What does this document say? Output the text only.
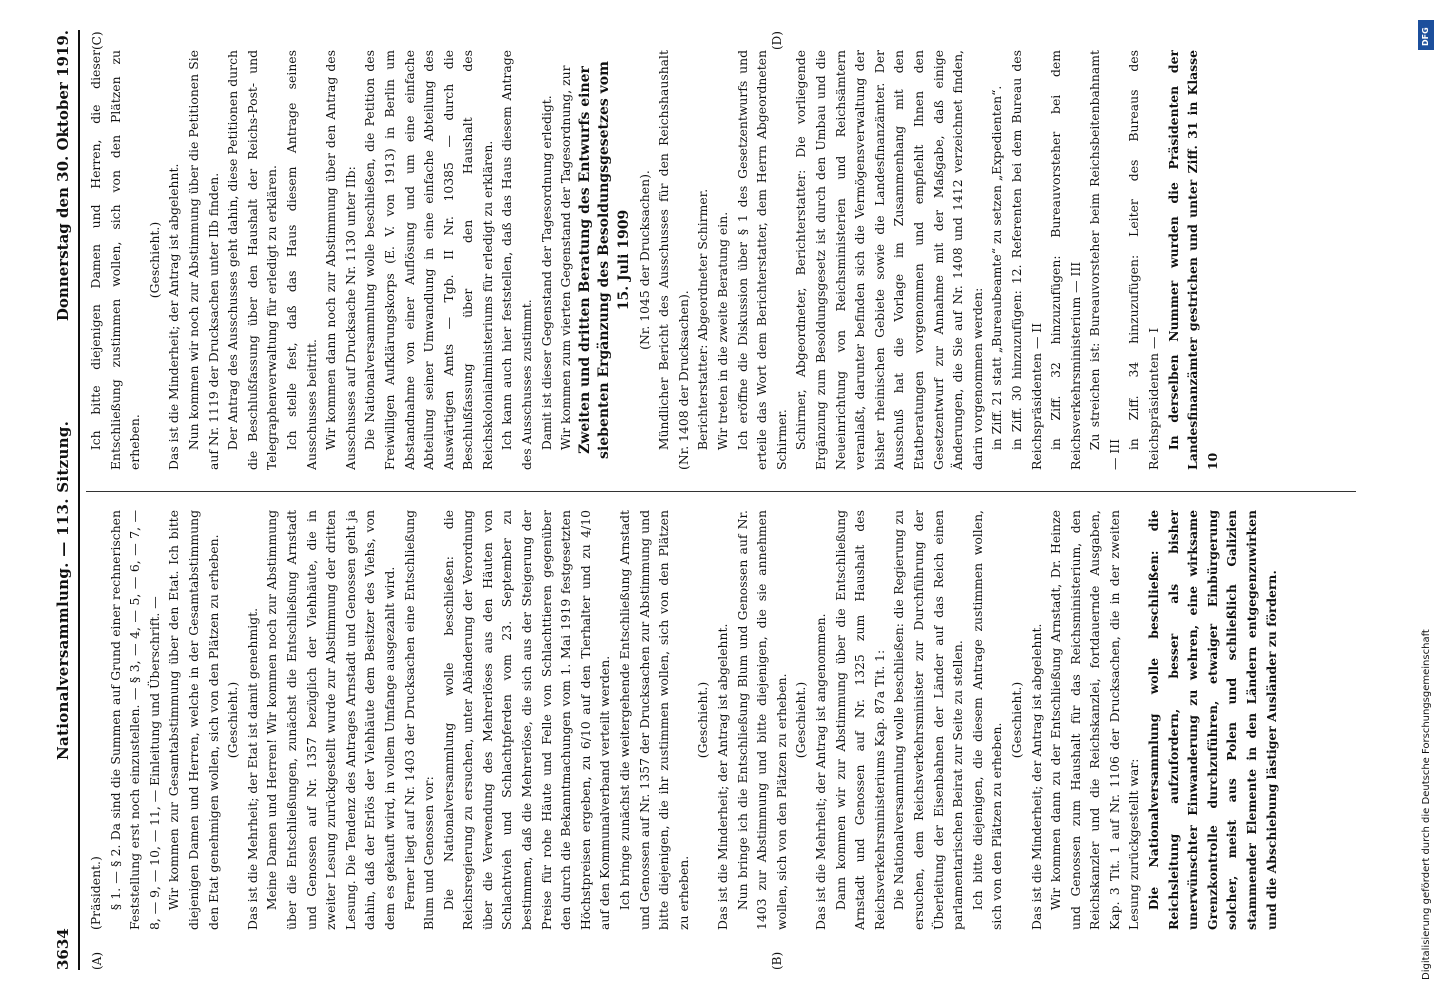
3634
Nationalversammlung. — 113. Sitzung.
Donnerstag den 30. Oktober 1919.
(A)	(B)
(C)	(D)

(Präsident.) § 1. — § 2. Da sind die Summen auf Grund einer rechnerischen Feststellung erst noch einzustellen. — § 3, — 4, — 5, — 6, — 7, — 8, — 9, — 10, — 11, — Einleitung und Überschrift. — Wir kommen zur Gesamtabstimmung über den Etat. Ich bitte diejenigen Damen und Herren, welche in der Gesamtabstimmung den Etat genehmigen wollen, sich von den Plätzen zu erheben. (Geschieht.) Das ist die Mehrheit; der Etat ist damit genehmigt. Meine Damen und Herren! Wir kommen noch zur Abstimmung über die Entschließungen, zunächst die Entschließung Arnstadt und Genossen auf Nr. 1357 bezüglich der Viehhäute, die in zweiter Lesung zurückgestellt wurde zur Abstimmung der dritten Lesung. Die Tendenz des Antrages Arnstadt und Genossen geht ja dahin, daß der Erlös der Viehhäute dem Besitzer des Viehs, von dem es gekauft wird, in vollem Umfange ausgezahlt wird. Ferner liegt auf Nr. 1403 der Drucksachen eine Entschließung Blum und Genossen vor: Die Nationalversammlung wolle beschließen: die Reichsregierung zu ersuchen, unter Abänderung der Verordnung über die Verwendung des Mehrerlöses aus den Häuten von Schlachtvieh und Schlachtpferden vom 23. September zu bestimmen, daß die Mehrerlöse, die sich aus der Steigerung der Preise für rohe Häute und Felle von Schlachttieren gegenüber den durch die Bekanntmachungen vom 1. Mai 1919 festgesetzten Höchstpreisen ergeben, zu 6/10 auf den Tierhalter und zu 4/10 auf den Kommunalverband verteilt werden. Ich bringe zunächst die weitergehende Entschließung Arnstadt und Genossen auf Nr. 1357 der Drucksachen zur Abstimmung und bitte diejenigen, die ihr zustimmen wollen, sich von den Plätzen zu erheben.

(Geschieht.) Das ist die Minderheit; der Antrag ist abgelehnt. Nun bringe ich die Entschließung Blum und Genossen auf Nr. 1403 zur Abstimmung und bitte diejenigen, die sie annehmen wollen, sich von den Plätzen zu erheben. (Geschieht.) Das ist die Mehrheit; der Antrag ist angenommen. Dann kommen wir zur Abstimmung über die Entschließung Arnstadt und Genossen auf Nr. 1325 zum Haushalt des Reichsverkehrsministeriums Kap. 87a Tit. 1: Die Nationalversammlung wolle beschließen: die Regierung zu ersuchen, dem Reichsverkehrsminister zur Durchführung der Überleitung der Eisenbahnen der Länder auf das Reich einen parlamentarischen Beirat zur Seite zu stellen. Ich bitte diejenigen, die diesem Antrage zustimmen wollen, sich von den Plätzen zu erheben.

(Geschieht.) Das ist die Minderheit; der Antrag ist abgelehnt. Wir kommen dann zu der Entschließung Arnstadt, Dr. Heinze und Genossen zum Haushalt für das Reichsministerium, den Reichskanzler und die Reichskanzlei, fortdauernde Ausgaben, Kap. 3 Tit. 1 auf Nr. 1106 der Drucksachen, die in der zweiten Lesung zurückgestellt war: Die Nationalversammlung wolle beschließen: die Reichsleitung aufzufordern, besser als bisher unerwünschter Einwanderung zu wehren, eine wirksame Grenzkontrolle durchzuführen, etwaiger Einbürgerung solcher, meist aus Polen und schließlich Galizien stammender Elemente in den Ländern entgegenzuwirken und die Abschiebung lästiger Ausländer zu fördern.

Ich bitte diejenigen Damen und Herren, die dieser Entschließung zustimmen wollen, sich von den Plätzen zu erheben.

(Geschieht.) Das ist die Minderheit; der Antrag ist abgelehnt. Nun kommen wir noch zur Abstimmung über die Petitionen Sie auf Nr. 1119 der Drucksachen unter IIb finden. Der Antrag des Ausschusses geht dahin, diese Petitionen durch die Beschlußfassung über den Haushalt der Reichs-Post- und Telegraphenverwaltung für erledigt zu erklären. Ich stelle fest, daß das Haus diesem Antrage seines Ausschusses beitritt. Wir kommen dann noch zur Abstimmung über den Antrag des Ausschusses auf Drucksache Nr. 1130 unter IIb: Die Nationalversammlung wolle beschließen, die Petition des Freiwilligen Aufklärungskorps (E. V. von 1913) in Berlin um Abstandnahme von einer Auflösung und um eine einfache Abteilung seiner Umwandlung in eine einfache Abteilung des Auswärtigen Amts — Tgb. II Nr. 10385 — durch die Beschlußfassung über den Haushalt des Reichskolonialministeriums für erledigt zu erklären. Ich kann auch hier feststellen, daß das Haus diesem Antrage des Ausschusses zustimmt. Damit ist dieser Gegenstand der Tagesordnung erledigt. Wir kommen zum vierten Gegenstand der Tagesordnung, zur Zweiten und dritten Beratung des Entwurfs einer siebenten Ergänzung des Besoldungsgesetzes vom 15. Juli 1909 (Nr. 1045 der Drucksachen). Mündlicher Bericht des Ausschusses für den Reichshaushalt (Nr. 1408 der Drucksachen). Berichterstatter: Abgeordneter Schirmer. Wir treten in die zweite Beratung ein. Ich eröffne die Diskussion über § 1 des Gesetzentwurfs und erteile das Wort dem Berichterstatter, dem Herrn Abgeordneten Schirmer. Schirmer, Abgeordneter, Berichterstatter: Die vorliegende Ergänzung zum Besoldungsgesetz ist durch den Umbau und die Neueinrichtung von Reichsministerien und Reichsämtern veranlaßt, darunter befinden sich die Vermögensverwaltung der bisher rheinischen Gebiete sowie die Landesfinanzämter. Der Ausschuß hat die Vorlage im Zusammenhang mit den Etatberatungen vorgenommen und empfiehlt Ihnen den Gesetzentwurf zur Annahme mit der Maßgabe, daß einige Änderungen, die Sie auf Nr. 1408 und 1412 verzeichnet finden, darin vorgenommen werden: in Ziff. 21 statt „Bureaubeamte“ zu setzen „Expedienten“. in Ziff. 30 hinzuzufügen: 12. Referenten bei dem Bureau des Reichspräsidenten — II in Ziff. 32 hinzuzufügen: Bureauvorsteher bei dem Reichsverkehrsministerium — III Zu streichen ist: Bureauvorsteher beim Reichsbeitenbahnamt — III

in Ziff. 34 hinzuzufügen: Leiter des Bureaus des Reichspräsidenten — I In derselben Nummer wurden die Präsidenten der Landesfinanzämter gestrichen und unter Ziff. 31 in Klasse 10

DFG
Digitalisierung gefördert durch die Deutsche Forschungsgemeinschaft
